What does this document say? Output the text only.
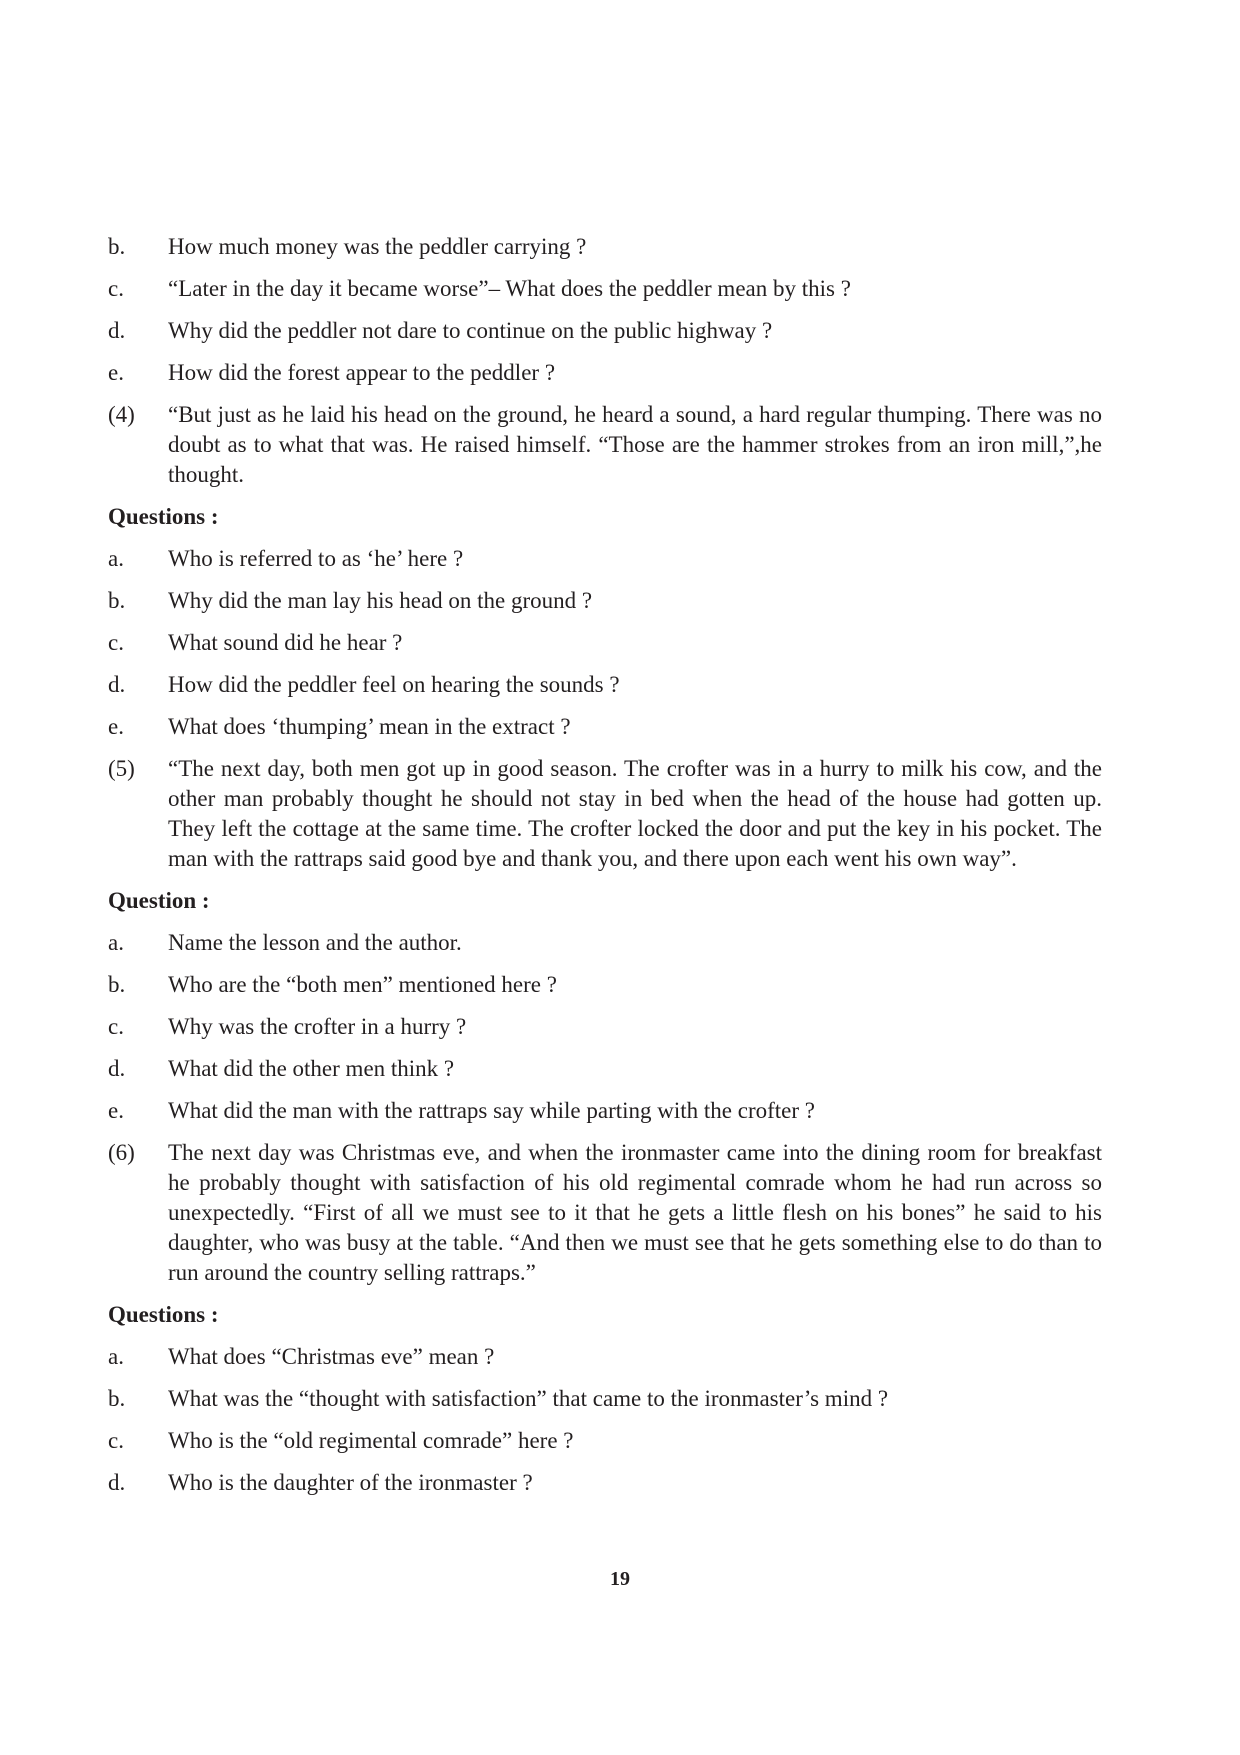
b.	How much money was the peddler carrying ?
c.	“Later in the day it became worse”– What does the peddler mean by this ?
d.	Why did the peddler not dare to continue on the public highway ?
e.	How did the forest appear to the peddler ?
(4)	“But just as he laid his head on the ground, he heard a sound, a hard regular thumping. There was no doubt as to what that was. He raised himself. “Those are the hammer strokes from an iron mill,”,he thought.
Questions :
a.	Who is referred to as ‘he’ here ?
b.	Why did the man lay his head on the ground ?
c.	What sound did he hear ?
d.	How did the peddler feel on hearing the sounds ?
e.	What does ‘thumping’ mean in the extract ?
(5)	“The next day, both men got up in good season. The crofter was in a hurry to milk his cow, and the other man probably thought he should not stay in bed when the head of the house had gotten up. They left the cottage at the same time. The crofter locked the door and put the key in his pocket. The man with the rattraps said good bye and thank you, and there upon each went his own way”.
Question :
a.	Name the lesson and the author.
b.	Who are the “both men” mentioned here ?
c.	Why was the crofter in a hurry ?
d.	What did the other men think ?
e.	What did the man with the rattraps say while parting with the crofter ?
(6)	The next day was Christmas eve, and when the ironmaster came into the dining room for breakfast he probably thought with satisfaction of his old regimental comrade whom he had run across so unexpectedly. “First of all we must see to it that he gets a little flesh on his bones” he said to his daughter, who was busy at the table. “And then we must see that he gets something else to do than to run around the country selling rattraps.”
Questions :
a.	What does “Christmas eve” mean ?
b.	What was the “thought with satisfaction” that came to the ironmaster’s mind ?
c.	Who is the “old regimental comrade” here ?
d.	Who is the daughter of the ironmaster ?
19
